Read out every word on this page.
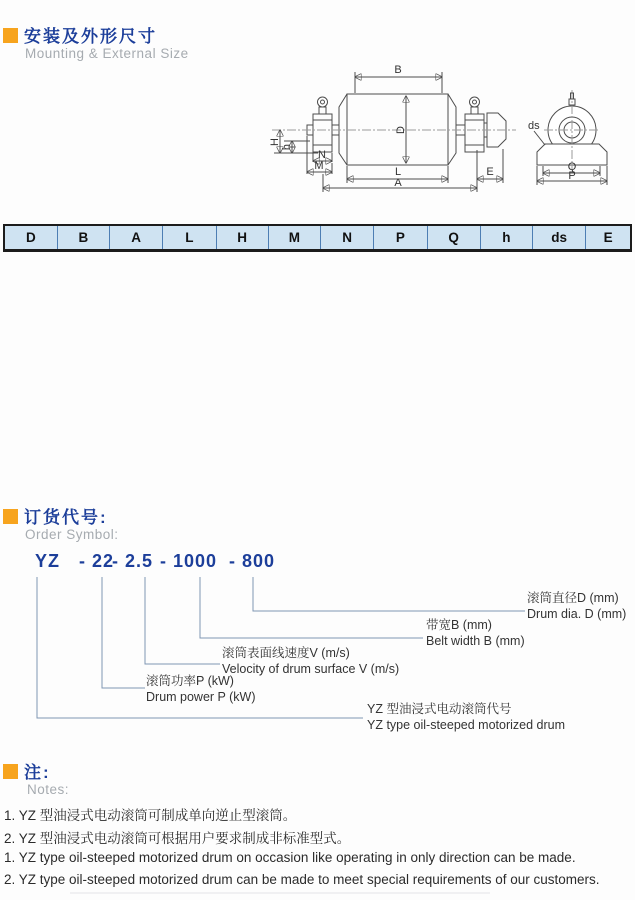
安装及外形尺寸
Mounting & External Size
B
D
L
A
E
H
h
N
M
ds
Q
P
D	B	A	L	H	M	N	P	Q	h	ds	E
订货代号:
Order Symbol:
YZ - 22
- 2.5 - 1000 - 800
滚筒直径D (mm)
Drum dia. D (mm)
带宽B (mm)
Belt width B (mm)
滚筒表面线速度V (m/s)
Velocity of drum surface V (m/s)
滚筒功率P (kW)
Drum power P (kW)
YZ 型油浸式电动滚筒代号
YZ type oil-steeped motorized drum
注:
Notes:
1. YZ 型油浸式电动滚筒可制成单向逆止型滚筒。
2. YZ 型油浸式电动滚筒可根据用户要求制成非标准型式。
1. YZ type oil-steeped motorized drum on occasion like operating in only direction can be made.
2. YZ type oil-steeped motorized drum can be made to meet special requirements of our customers.
